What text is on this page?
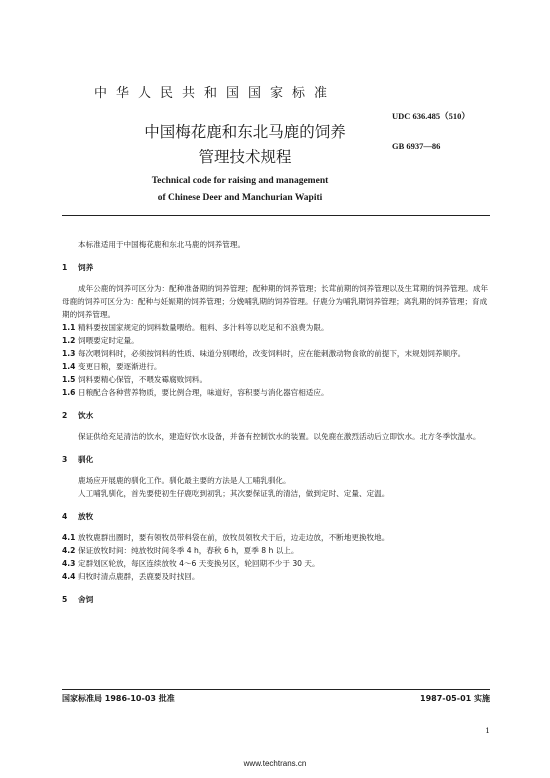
中华人民共和国国家标准
中国梅花鹿和东北马鹿的饲养
管理技术规程
UDC 636.485（510）
GB 6937—86
Technical code for raising and management
of Chinese Deer and Manchurian Wapiti

本标准适用于中国梅花鹿和东北马鹿的饲养管理。

1 饲养

成年公鹿的饲养可区分为：配种准备期的饲养管理；配种期的饲养管理；长茸前期的饲养管理以及生茸期的饲养管理。成年母鹿的饲养可区分为：配种与妊娠期的饲养管理；分娩哺乳期的饲养管理。仔鹿分为哺乳期饲养管理；离乳期的饲养管理；育成期的饲养管理。

1.1 精料要按国家规定的饲料数量喂给。粗料、多汁料等以吃足和不浪费为限。

1.2 饲喂要定时定量。

1.3 每次喂饲料时，必须按饲料的性质、味道分别喂给，改变饲料时，应在能刺激动物食欲的前提下，末规划饲养顺序。

1.4 变更日粮，要逐渐进行。

1.5 饲料要精心保管，不喂发霉腐败饲料。

1.6 日粮配合各种营养物质，要比例合理，味道好，容积要与消化器官相适应。

2 饮水

保证供给充足清洁的饮水，建造好饮水设备，并备有控制饮水的装置。以免鹿在激烈活动后立即饮水。北方冬季饮温水。

3 驯化

鹿场应开展鹿的驯化工作。驯化最主要的方法是人工哺乳驯化。

人工哺乳驯化，首先要使初生仔鹿吃到初乳；其次要保证乳的清洁，做到定时、定量、定温。

4 放牧

4.1 放牧鹿群出圈时，要有领牧员带料袋在前，放牧员领牧犬于后，边走边放，不断地更换牧地。

4.2 保证放牧时间：纯放牧时间冬季 4 h，春秋 6 h，夏季 8 h 以上。

4.3 定群划区轮放，每区连续放牧 4～6 天变换另区，轮回期不少于 30 天。

4.4 归牧时清点鹿群，丢鹿要及时找回。

5 舍饲
国家标准局 1986-10-03 批准	1987-05-01 实施
1
www.techtrans.cn
